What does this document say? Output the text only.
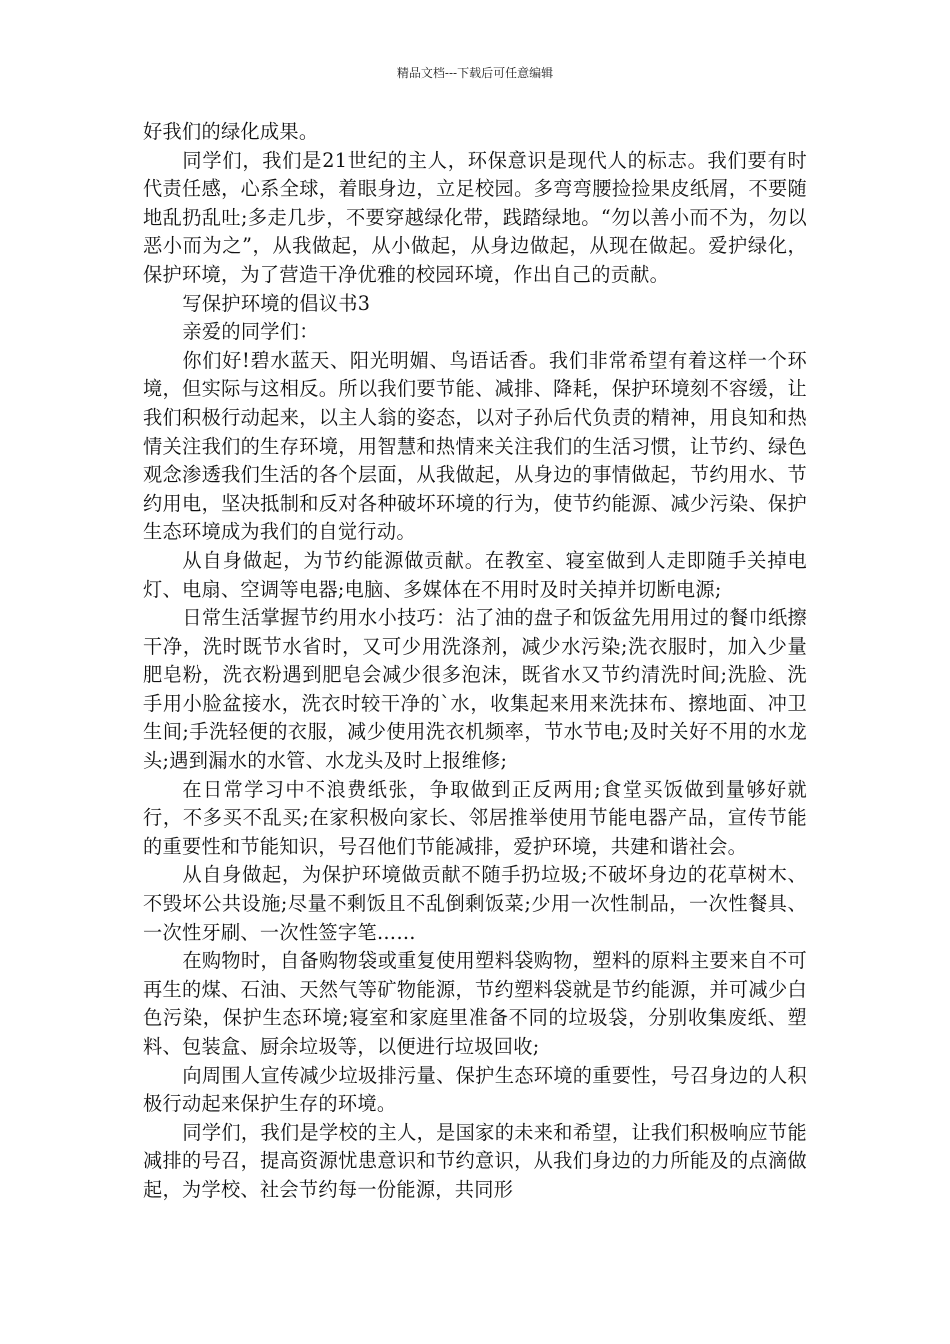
精品文档---下载后可任意编辑

好我们的绿化成果。

同学们，我们是21世纪的主人，环保意识是现代人的标志。我们要有时代责任感，心系全球，着眼身边，立足校园。多弯弯腰捡捡果皮纸屑，不要随地乱扔乱吐;多走几步，不要穿越绿化带，践踏绿地。“勿以善小而不为，勿以恶小而为之”，从我做起，从小做起，从身边做起，从现在做起。爱护绿化，保护环境，为了营造干净优雅的校园环境，作出自己的贡献。

写保护环境的倡议书3

亲爱的同学们：

你们好!碧水蓝天、阳光明媚、鸟语话香。我们非常希望有着这样一个环境，但实际与这相反。所以我们要节能、减排、降耗，保护环境刻不容缓，让我们积极行动起来，以主人翁的姿态，以对子孙后代负责的精神，用良知和热情关注我们的生存环境，用智慧和热情来关注我们的生活习惯，让节约、绿色观念渗透我们生活的各个层面，从我做起，从身边的事情做起，节约用水、节约用电，坚决抵制和反对各种破坏环境的行为，使节约能源、减少污染、保护生态环境成为我们的自觉行动。

从自身做起，为节约能源做贡献。在教室、寝室做到人走即随手关掉电灯、电扇、空调等电器;电脑、多媒体在不用时及时关掉并切断电源;

日常生活掌握节约用水小技巧：沾了油的盘子和饭盆先用用过的餐巾纸擦干净，洗时既节水省时，又可少用洗涤剂，减少水污染;洗衣服时，加入少量肥皂粉，洗衣粉遇到肥皂会减少很多泡沫，既省水又节约清洗时间;洗脸、洗手用小脸盆接水，洗衣时较干净的`水，收集起来用来洗抹布、擦地面、冲卫生间;手洗轻便的衣服，减少使用洗衣机频率，节水节电;及时关好不用的水龙头;遇到漏水的水管、水龙头及时上报维修;

在日常学习中不浪费纸张，争取做到正反两用;食堂买饭做到量够好就行，不多买不乱买;在家积极向家长、邻居推举使用节能电器产品，宣传节能的重要性和节能知识，号召他们节能减排，爱护环境，共建和谐社会。

从自身做起，为保护环境做贡献不随手扔垃圾;不破坏身边的花草树木、不毁坏公共设施;尽量不剩饭且不乱倒剩饭菜;少用一次性制品，一次性餐具、一次性牙刷、一次性签字笔……

在购物时，自备购物袋或重复使用塑料袋购物，塑料的原料主要来自不可再生的煤、石油、天然气等矿物能源，节约塑料袋就是节约能源，并可减少白色污染，保护生态环境;寝室和家庭里准备不同的垃圾袋，分别收集废纸、塑料、包装盒、厨余垃圾等，以便进行垃圾回收;

向周围人宣传减少垃圾排污量、保护生态环境的重要性，号召身边的人积极行动起来保护生存的环境。

同学们，我们是学校的主人，是国家的未来和希望，让我们积极响应节能减排的号召，提高资源忧患意识和节约意识，从我们身边的力所能及的点滴做起，为学校、社会节约每一份能源，共同形
